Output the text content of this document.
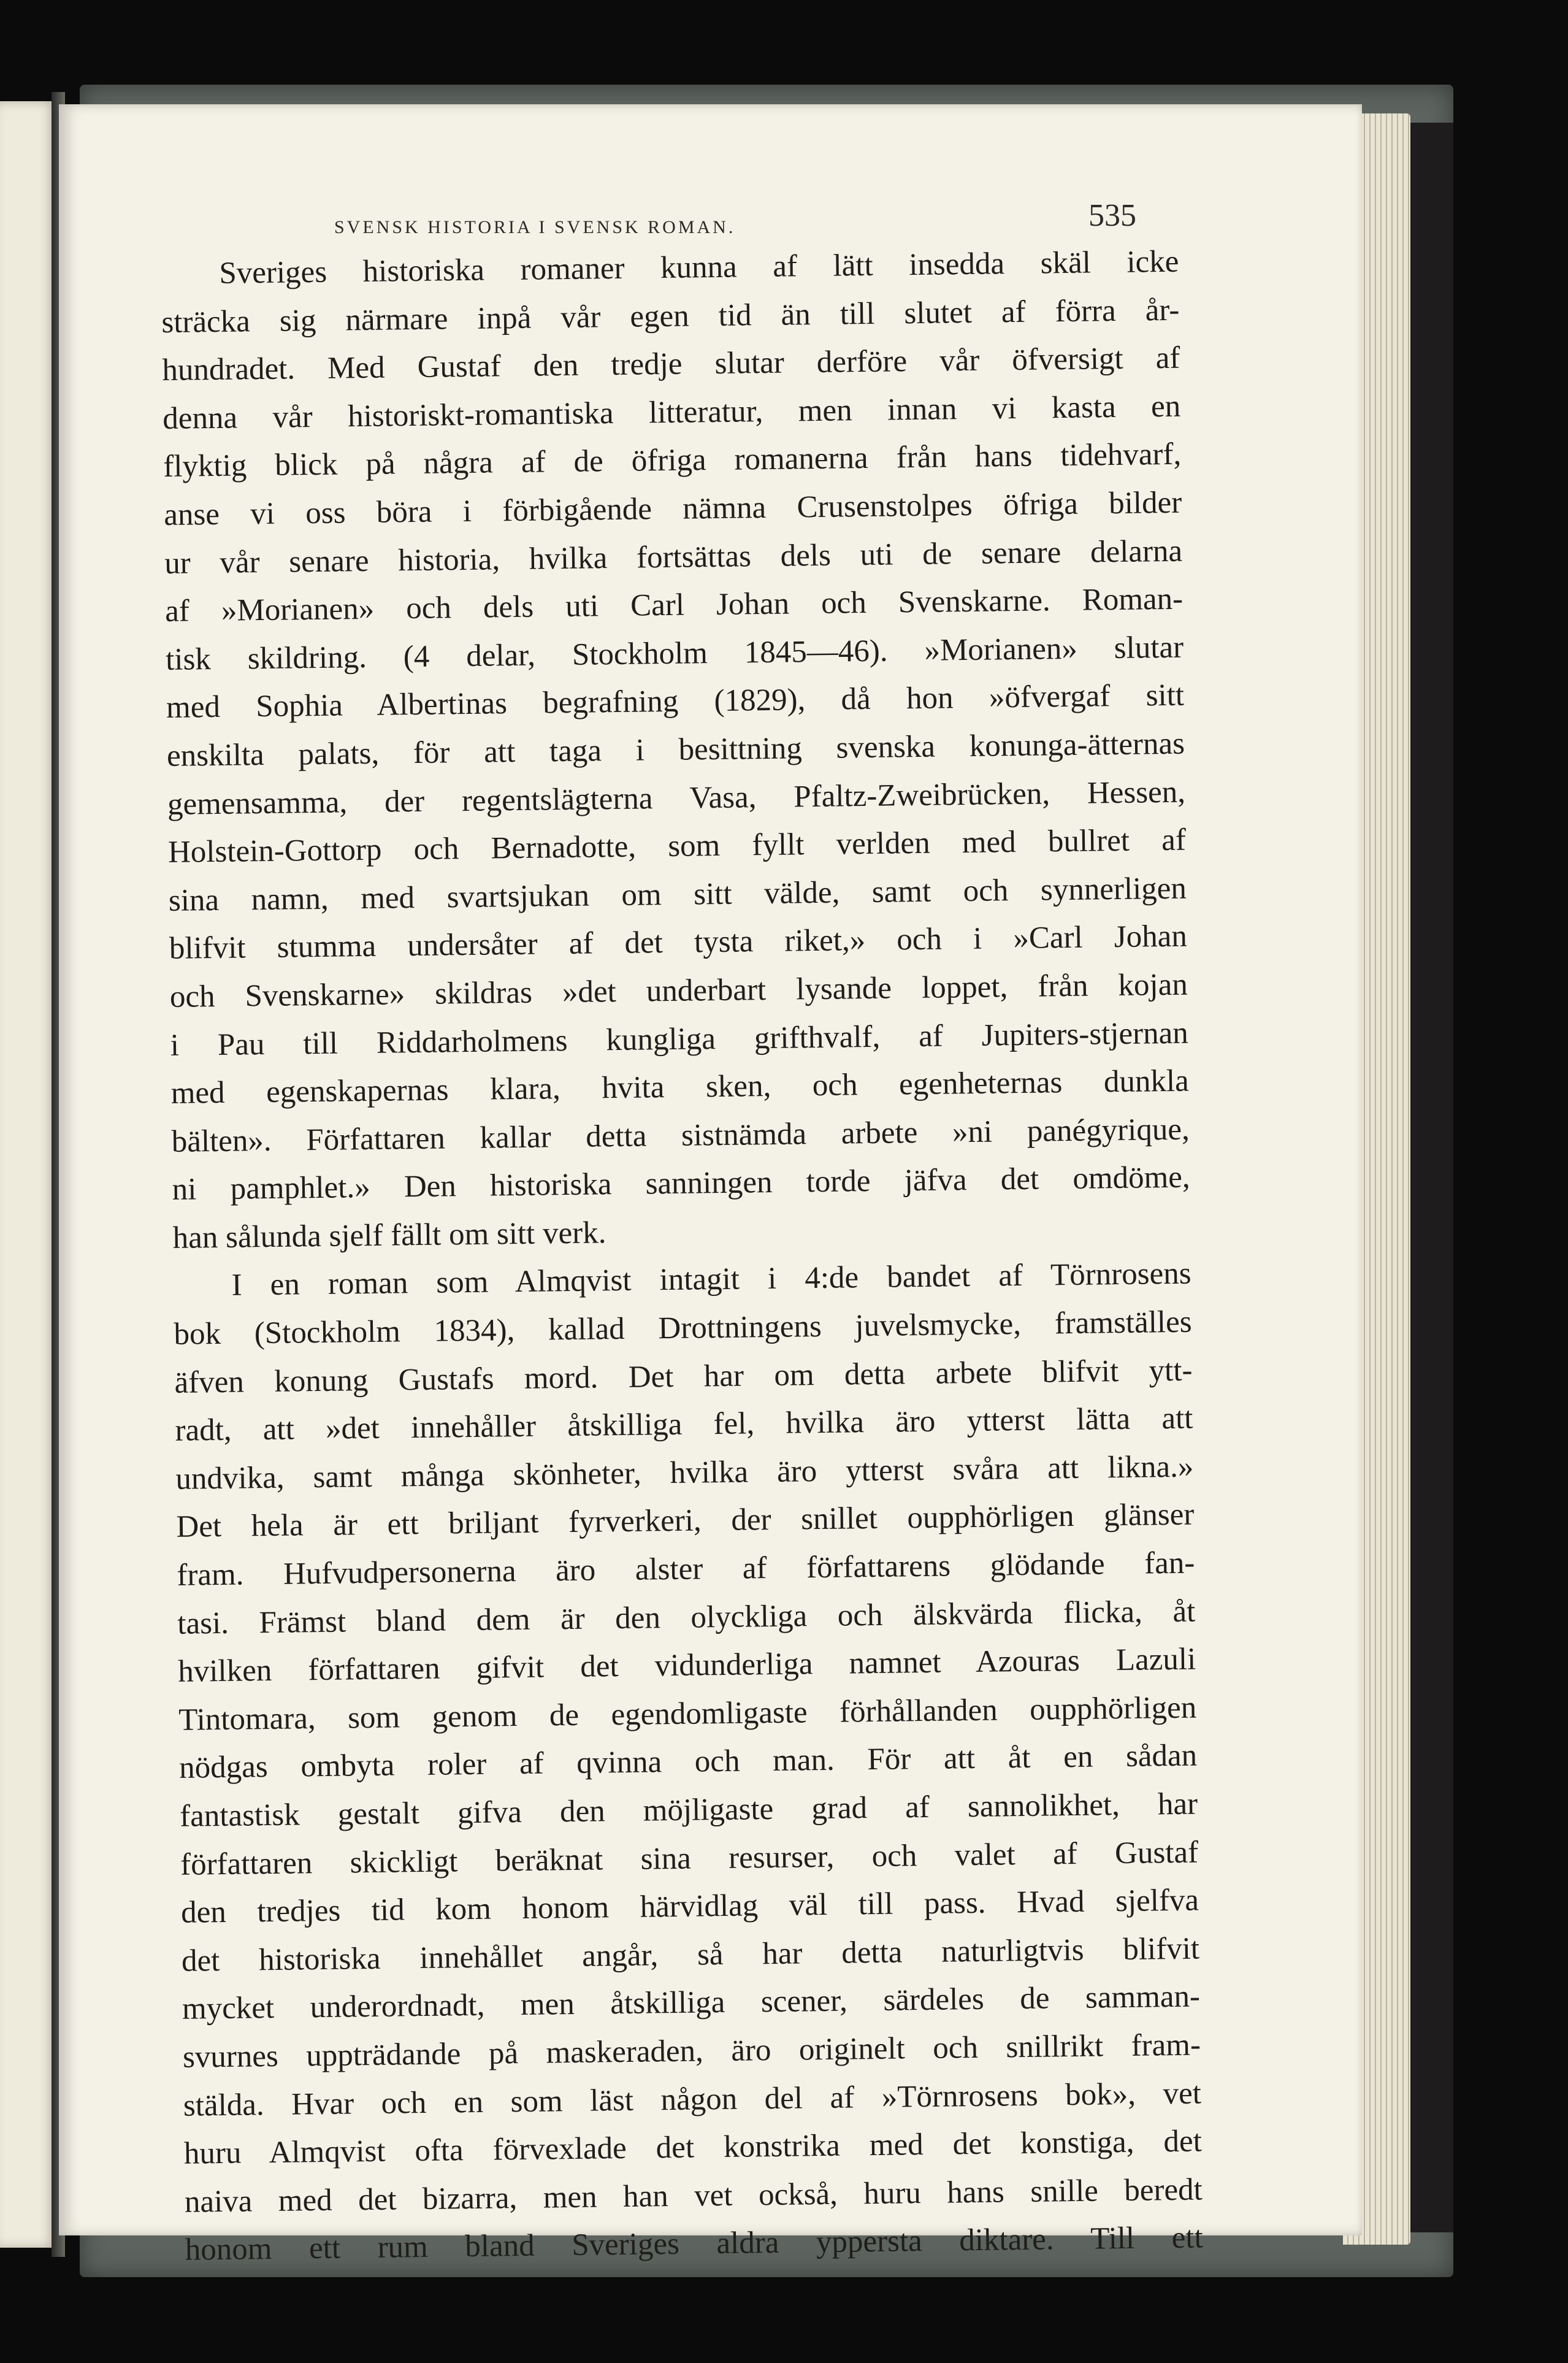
SVENSK HISTORIA I SVENSK ROMAN.	535
Sveriges historiska romaner kunna af lätt insedda skäl icke
sträcka sig närmare inpå vår egen tid än till slutet af förra år-
hundradet. Med Gustaf den tredje slutar derföre vår öfversigt af
denna vår historiskt-romantiska litteratur, men innan vi kasta en
flyktig blick på några af de öfriga romanerna från hans tidehvarf,
anse vi oss böra i förbigående nämna Crusenstolpes öfriga bilder
ur vår senare historia, hvilka fortsättas dels uti de senare delarna
af »Morianen» och dels uti Carl Johan och Svenskarne. Roman-
tisk skildring. (4 delar, Stockholm 1845—46). »Morianen» slutar
med Sophia Albertinas begrafning (1829), då hon »öfvergaf sitt
enskilta palats, för att taga i besittning svenska konunga-ätternas
gemensamma, der regentslägterna Vasa, Pfaltz-Zweibrücken, Hessen,
Holstein-Gottorp och Bernadotte, som fyllt verlden med bullret af
sina namn, med svartsjukan om sitt välde, samt och synnerligen
blifvit stumma undersåter af det tysta riket,» och i »Carl Johan
och Svenskarne» skildras »det underbart lysande loppet, från kojan
i Pau till Riddarholmens kungliga grifthvalf, af Jupiters-stjernan
med egenskapernas klara, hvita sken, och egenheternas dunkla
bälten». Författaren kallar detta sistnämda arbete »ni panégyrique,
ni pamphlet.» Den historiska sanningen torde jäfva det omdöme,
han sålunda sjelf fällt om sitt verk.
I en roman som Almqvist intagit i 4:de bandet af Törnrosens
bok (Stockholm 1834), kallad Drottningens juvelsmycke, framställes
äfven konung Gustafs mord. Det har om detta arbete blifvit ytt-
radt, att »det innehåller åtskilliga fel, hvilka äro ytterst lätta att
undvika, samt många skönheter, hvilka äro ytterst svåra att likna.»
Det hela är ett briljant fyrverkeri, der snillet oupphörligen glänser
fram. Hufvudpersonerna äro alster af författarens glödande fan-
tasi. Främst bland dem är den olyckliga och älskvärda flicka, åt
hvilken författaren gifvit det vidunderliga namnet Azouras Lazuli
Tintomara, som genom de egendomligaste förhållanden oupphörligen
nödgas ombyta roler af qvinna och man. För att åt en sådan
fantastisk gestalt gifva den möjligaste grad af sannolikhet, har
författaren skickligt beräknat sina resurser, och valet af Gustaf
den tredjes tid kom honom härvidlag väl till pass. Hvad sjelfva
det historiska innehållet angår, så har detta naturligtvis blifvit
mycket underordnadt, men åtskilliga scener, särdeles de samman-
svurnes uppträdande på maskeraden, äro originelt och snillrikt fram-
stälda. Hvar och en som läst någon del af »Törnrosens bok», vet
huru Almqvist ofta förvexlade det konstrika med det konstiga, det
naiva med det bizarra, men han vet också, huru hans snille beredt
honom ett rum bland Sveriges aldra yppersta diktare. Till ett
